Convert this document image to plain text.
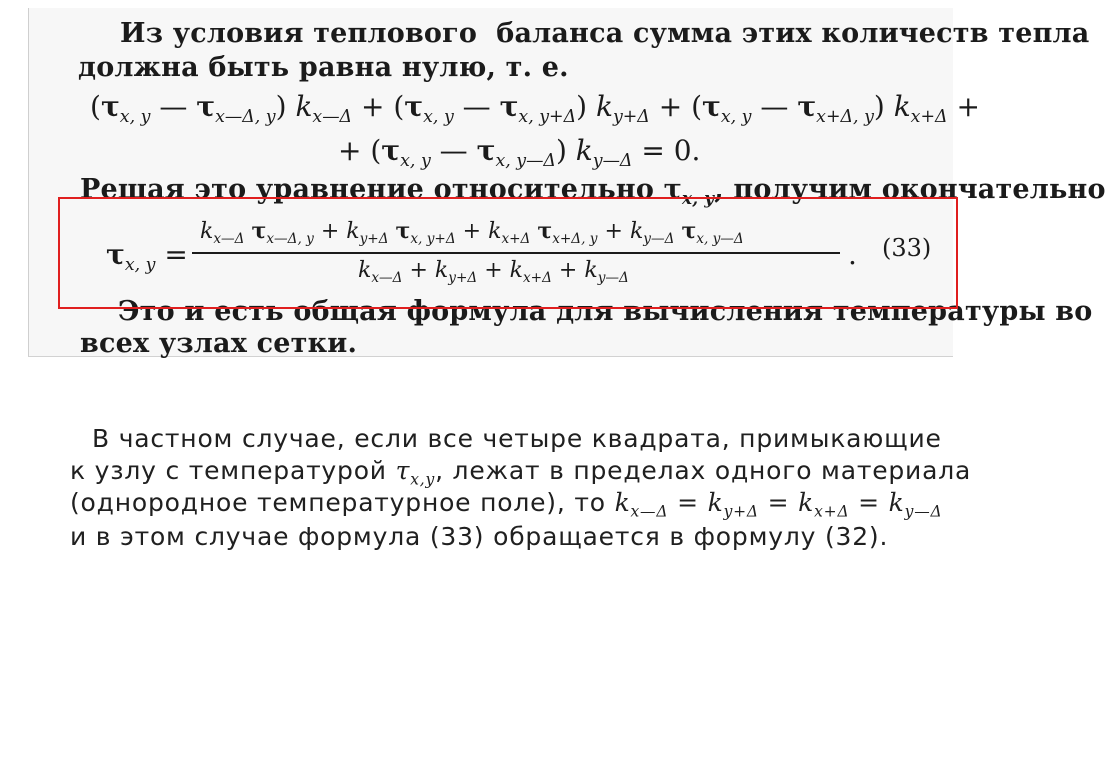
Из условия теплового  баланса сумма этих количеств тепла
должна быть равна нулю, т. е.
($\tau_{x, y}$ — $\tau_{x—\Delta, y}$) $k_{x—\Delta} + (\tau_{x, y}$ — $\tau_{x, y+\Delta}$) $k_{y+\Delta} + (\tau_{x, y}$ — $\tau_{x+\Delta, y}$) $k_{x+\Delta}$ +
+ ($\tau_{x, y}$ — $\tau_{x, y—\Delta}$) $k_{y—\Delta} = 0$.
Решая это уравнение относительно $\tau_{x, y}$, получим окончательно
$\tau_{x, y}$ =
$k_{x—\Delta}$ $\tau_{x—\Delta, y} + k_{y+\Delta}$ $\tau_{x, y+\Delta} + k_{x+\Delta}$ $\tau_{x+\Delta, y} + k_{y—\Delta}$ $\tau_{x, y—\Delta}$
$k_{x—\Delta} + k_{y+\Delta} + k_{x+\Delta} + k_{y—\Delta}$
. (33)
Это и есть общая формула для вычисления температуры во
всех узлах сетки.
В частном случае, если все четыре квадрата, примыкающие
к узлу с температурой $\tau_{x,y}$, лежат в пределах одного материала
(однородное температурное поле), то $k_{x—\Delta} = k_{y+\Delta} = k_{x+\Delta} = k_{y—\Delta}$
и в этом случае формула (33) обращается в формулу (32).
